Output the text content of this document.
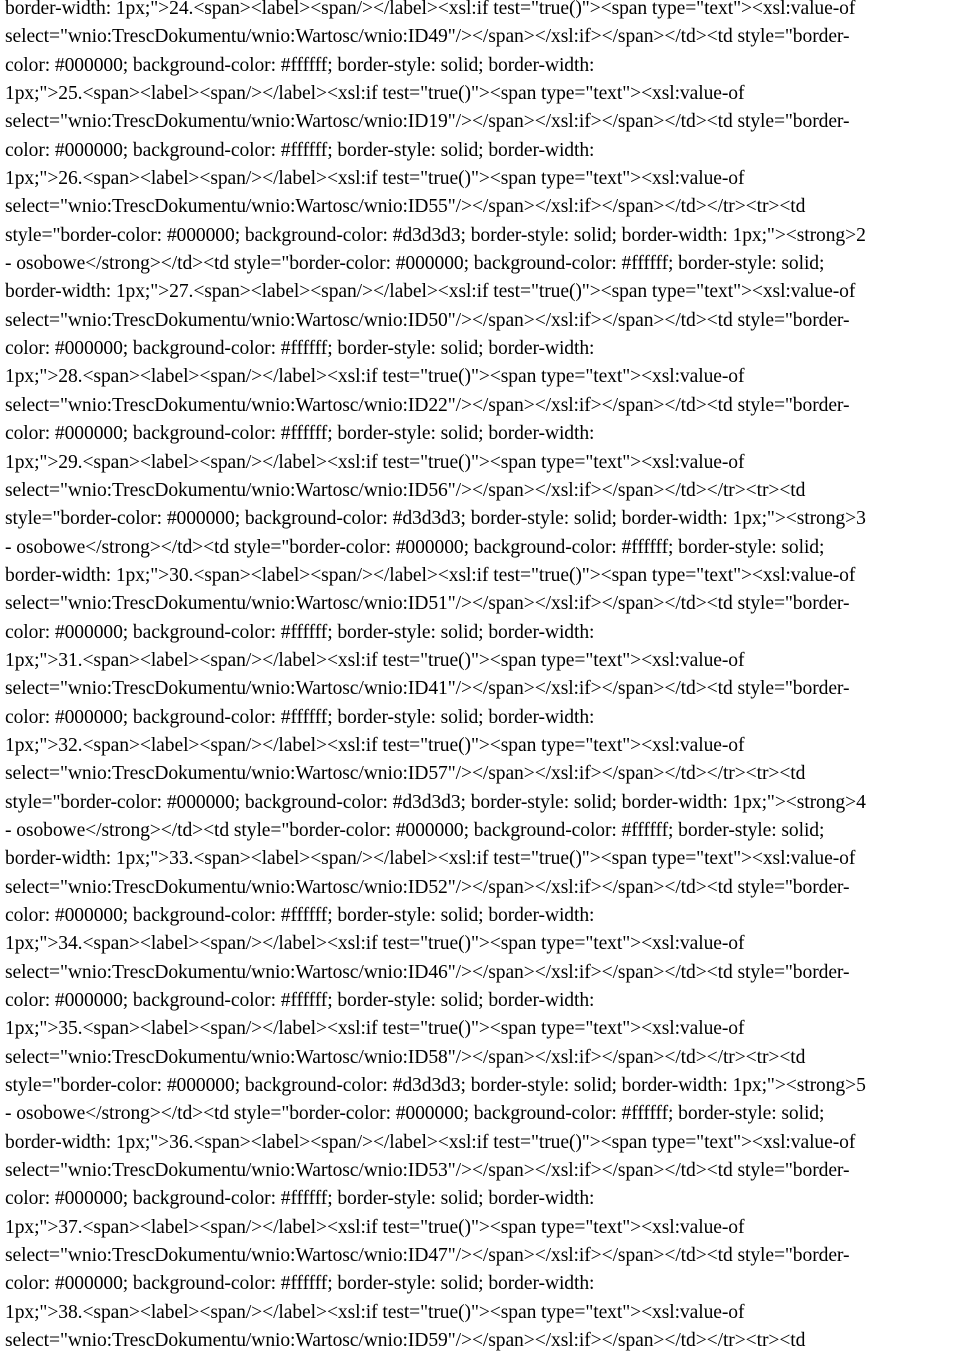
border-width: 1px;">24.<span><label><span/></label><xsl:if test="true()"><span type="text"><xsl:value-of
select="wnio:TrescDokumentu/wnio:Wartosc/wnio:ID49"/></span></xsl:if></span></td><td style="border-
color: #000000; background-color: #ffffff; border-style: solid; border-width:
1px;">25.<span><label><span/></label><xsl:if test="true()"><span type="text"><xsl:value-of
select="wnio:TrescDokumentu/wnio:Wartosc/wnio:ID19"/></span></xsl:if></span></td><td style="border-
color: #000000; background-color: #ffffff; border-style: solid; border-width:
1px;">26.<span><label><span/></label><xsl:if test="true()"><span type="text"><xsl:value-of
select="wnio:TrescDokumentu/wnio:Wartosc/wnio:ID55"/></span></xsl:if></span></td></tr><tr><td
style="border-color: #000000; background-color: #d3d3d3; border-style: solid; border-width: 1px;"><strong>2
- osobowe</strong></td><td style="border-color: #000000; background-color: #ffffff; border-style: solid;
border-width: 1px;">27.<span><label><span/></label><xsl:if test="true()"><span type="text"><xsl:value-of
select="wnio:TrescDokumentu/wnio:Wartosc/wnio:ID50"/></span></xsl:if></span></td><td style="border-
color: #000000; background-color: #ffffff; border-style: solid; border-width:
1px;">28.<span><label><span/></label><xsl:if test="true()"><span type="text"><xsl:value-of
select="wnio:TrescDokumentu/wnio:Wartosc/wnio:ID22"/></span></xsl:if></span></td><td style="border-
color: #000000; background-color: #ffffff; border-style: solid; border-width:
1px;">29.<span><label><span/></label><xsl:if test="true()"><span type="text"><xsl:value-of
select="wnio:TrescDokumentu/wnio:Wartosc/wnio:ID56"/></span></xsl:if></span></td></tr><tr><td
style="border-color: #000000; background-color: #d3d3d3; border-style: solid; border-width: 1px;"><strong>3
- osobowe</strong></td><td style="border-color: #000000; background-color: #ffffff; border-style: solid;
border-width: 1px;">30.<span><label><span/></label><xsl:if test="true()"><span type="text"><xsl:value-of
select="wnio:TrescDokumentu/wnio:Wartosc/wnio:ID51"/></span></xsl:if></span></td><td style="border-
color: #000000; background-color: #ffffff; border-style: solid; border-width:
1px;">31.<span><label><span/></label><xsl:if test="true()"><span type="text"><xsl:value-of
select="wnio:TrescDokumentu/wnio:Wartosc/wnio:ID41"/></span></xsl:if></span></td><td style="border-
color: #000000; background-color: #ffffff; border-style: solid; border-width:
1px;">32.<span><label><span/></label><xsl:if test="true()"><span type="text"><xsl:value-of
select="wnio:TrescDokumentu/wnio:Wartosc/wnio:ID57"/></span></xsl:if></span></td></tr><tr><td
style="border-color: #000000; background-color: #d3d3d3; border-style: solid; border-width: 1px;"><strong>4
- osobowe</strong></td><td style="border-color: #000000; background-color: #ffffff; border-style: solid;
border-width: 1px;">33.<span><label><span/></label><xsl:if test="true()"><span type="text"><xsl:value-of
select="wnio:TrescDokumentu/wnio:Wartosc/wnio:ID52"/></span></xsl:if></span></td><td style="border-
color: #000000; background-color: #ffffff; border-style: solid; border-width:
1px;">34.<span><label><span/></label><xsl:if test="true()"><span type="text"><xsl:value-of
select="wnio:TrescDokumentu/wnio:Wartosc/wnio:ID46"/></span></xsl:if></span></td><td style="border-
color: #000000; background-color: #ffffff; border-style: solid; border-width:
1px;">35.<span><label><span/></label><xsl:if test="true()"><span type="text"><xsl:value-of
select="wnio:TrescDokumentu/wnio:Wartosc/wnio:ID58"/></span></xsl:if></span></td></tr><tr><td
style="border-color: #000000; background-color: #d3d3d3; border-style: solid; border-width: 1px;"><strong>5
- osobowe</strong></td><td style="border-color: #000000; background-color: #ffffff; border-style: solid;
border-width: 1px;">36.<span><label><span/></label><xsl:if test="true()"><span type="text"><xsl:value-of
select="wnio:TrescDokumentu/wnio:Wartosc/wnio:ID53"/></span></xsl:if></span></td><td style="border-
color: #000000; background-color: #ffffff; border-style: solid; border-width:
1px;">37.<span><label><span/></label><xsl:if test="true()"><span type="text"><xsl:value-of
select="wnio:TrescDokumentu/wnio:Wartosc/wnio:ID47"/></span></xsl:if></span></td><td style="border-
color: #000000; background-color: #ffffff; border-style: solid; border-width:
1px;">38.<span><label><span/></label><xsl:if test="true()"><span type="text"><xsl:value-of
select="wnio:TrescDokumentu/wnio:Wartosc/wnio:ID59"/></span></xsl:if></span></td></tr><tr><td
